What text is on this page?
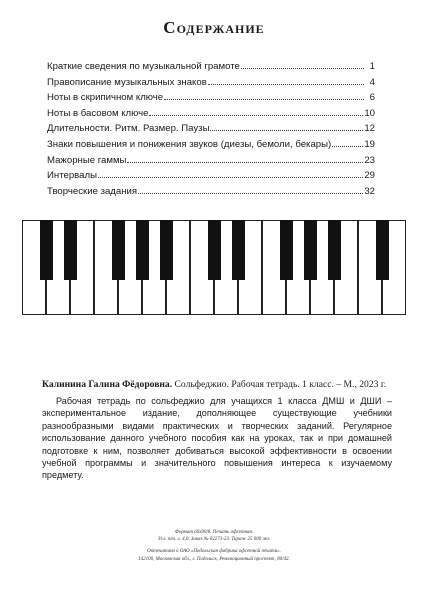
Содержание
Краткие сведения по музыкальной грамоте	1
Правописание музыкальных знаков	4
Ноты в скрипичном ключе	6
Ноты в басовом ключе	10
Длительности. Ритм. Размер. Паузы	12
Знаки повышения и понижения звуков (диезы, бемоли, бекары)	19
Мажорные гаммы	23
Интервалы	29
Творческие задания	32
Калинина Галина Фёдоровна. Сольфеджио. Рабочая тетрадь. 1 класс. – М., 2023 г.
Рабочая тетрадь по сольфеджио для учащихся 1 класса ДМШ и ДШИ – экспериментальное издание, дополняющее существующие учебники разнообразными видами практических и творческих заданий. Регулярное использование данного учебного пособия как на уроках, так и при домашней подготовке к ним, позволяет добиваться высокой эффективности в освоении учебной программы и значительного повышения интереса к изучаемому предмету.

Формат 60х90/8. Печать офсетная.

Усл. печ. л. 4,0. Заказ № 02273-23. Тираж 25 000 экз.

Отпечатано в ОАО «Подольская фабрика офсетной печати».

142100, Московская обл., г. Подольск, Революционный проспект, 80/42.
